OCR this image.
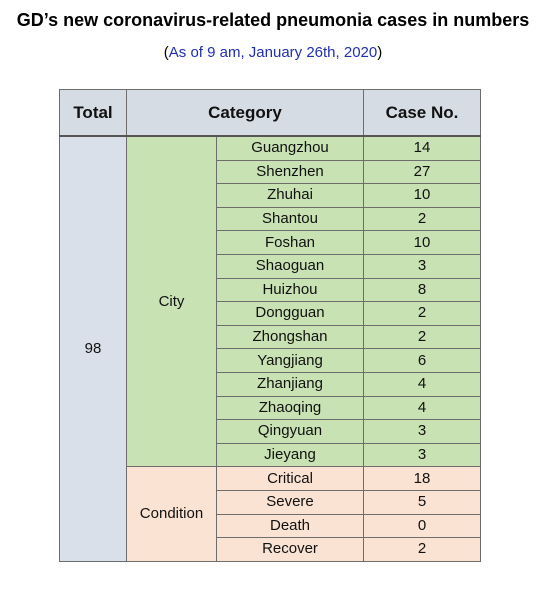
GD’s new coronavirus-related pneumonia cases in numbers
(As of 9 am, January 26th, 2020)
Total	Category		Case No.
98	City	Guangzhou	14
		Shenzhen	27
		Zhuhai	10
		Shantou	2
		Foshan	10
		Shaoguan	3
		Huizhou	8
		Dongguan	2
		Zhongshan	2
		Yangjiang	6
		Zhanjiang	4
		Zhaoqing	4
		Qingyuan	3
		Jieyang	3
	Condition	Critical	18
		Severe	5
		Death	0
		Recover	2
